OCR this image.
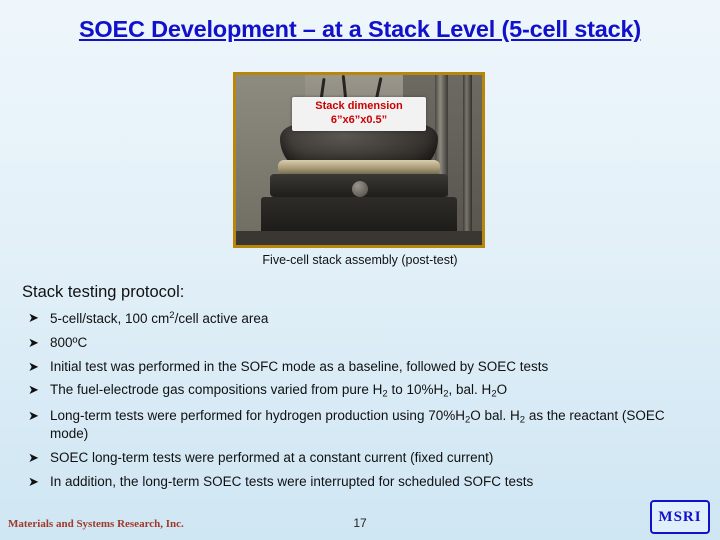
SOEC Development – at a Stack Level (5-cell stack)
Stack dimension
6”x6”x0.5”
Five-cell stack assembly (post-test)
Stack testing protocol:
➤ 5-cell/stack, 100 $cm^2$/cell active area
➤ 800ºC
➤ Initial test was performed in the SOFC mode as a baseline, followed by SOEC tests
➤ The fuel-electrode gas compositions varied from pure $H_2$ to $10\%H_2$, bal. $H_2O$
➤ Long-term tests were performed for hydrogen production using $70\%H_2O$ bal. $H_2$ as the reactant (SOEC mode)
➤ SOEC long-term tests were performed at a constant current (fixed current)
➤ In addition, the long-term SOEC tests were interrupted for scheduled SOFC tests
Materials and Systems Research, Inc.	17	MSRI
